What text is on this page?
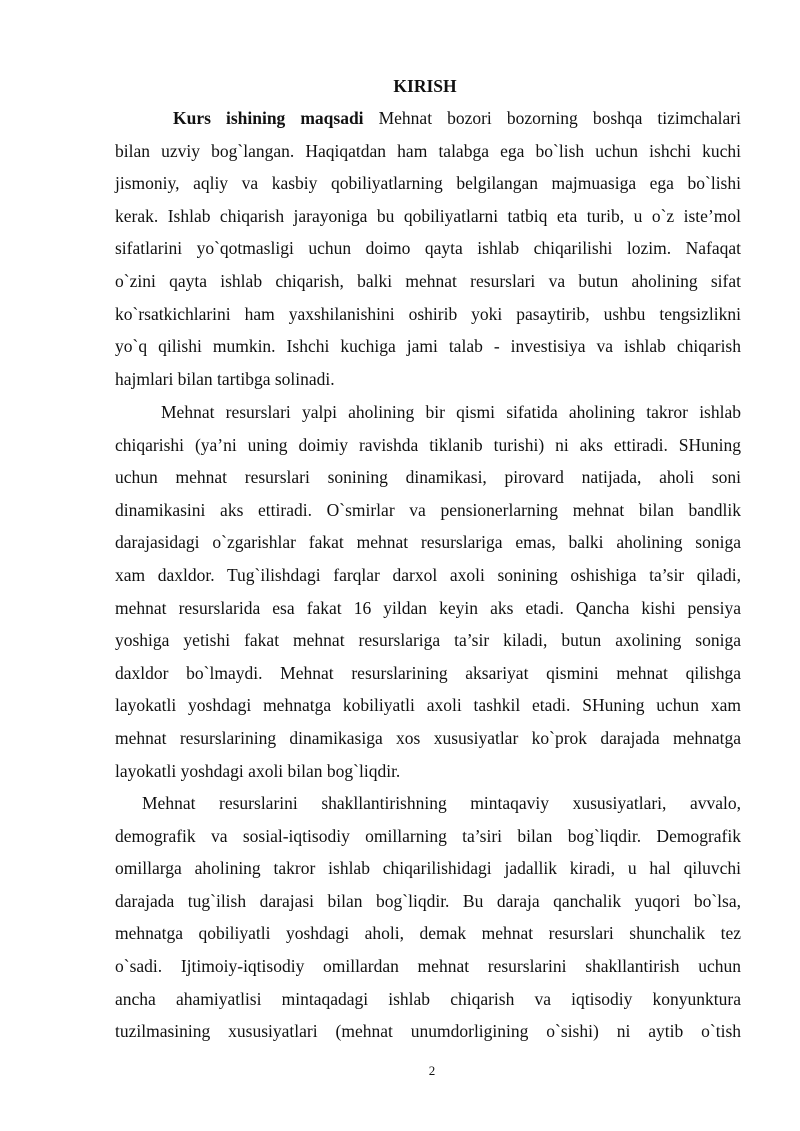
KIRISH
Kurs ishining maqsadi Mehnat bozori bozorning boshqa tizimchalari
bilan uzviy bog`langan. Haqiqatdan ham talabga ega bo`lish uchun ishchi kuchi
jismoniy, aqliy va kasbiy qobiliyatlarning belgilangan majmuasiga ega bo`lishi
kerak. Ishlab chiqarish jarayoniga bu qobiliyatlarni tatbiq eta turib, u o`z iste’mol
sifatlarini yo`qotmasligi uchun doimo qayta ishlab chiqarilishi lozim. Nafaqat
o`zini qayta ishlab chiqarish, balki mehnat resurslari va butun aholining sifat
ko`rsatkichlarini ham yaxshilanishini oshirib yoki pasaytirib, ushbu tengsizlikni
yo`q qilishi mumkin. Ishchi kuchiga jami talab - investisiya va ishlab chiqarish
hajmlari bilan tartibga solinadi.
Mehnat resurslari yalpi aholining bir qismi sifatida aholining takror ishlab
chiqarishi (ya’ni uning doimiy ravishda tiklanib turishi) ni aks ettiradi. SHuning
uchun mehnat resurslari sonining dinamikasi, pirovard natijada, aholi soni
dinamikasini aks ettiradi. O`smirlar va pensionerlarning mehnat bilan bandlik
darajasidagi o`zgarishlar fakat mehnat resurslariga emas, balki aholining soniga
xam daxldor. Tug`ilishdagi farqlar darxol axoli sonining oshishiga ta’sir qiladi,
mehnat resurslarida esa fakat 16 yildan keyin aks etadi. Qancha kishi pensiya
yoshiga yetishi fakat mehnat resurslariga ta’sir kiladi, butun axolining soniga
daxldor bo`lmaydi. Mehnat resurslarining aksariyat qismini mehnat qilishga
layokatli yoshdagi mehnatga kobiliyatli axoli tashkil etadi. SHuning uchun xam
mehnat resurslarining dinamikasiga xos xususiyatlar ko`prok darajada mehnatga
layokatli yoshdagi axoli bilan bog`liqdir.
Mehnat resurslarini shakllantirishning mintaqaviy xususiyatlari, avvalo,
demografik va sosial-iqtisodiy omillarning ta’siri bilan bog`liqdir. Demografik
omillarga aholining takror ishlab chiqarilishidagi jadallik kiradi, u hal qiluvchi
darajada tug`ilish darajasi bilan bog`liqdir. Bu daraja qanchalik yuqori bo`lsa,
mehnatga qobiliyatli yoshdagi aholi, demak mehnat resurslari shunchalik tez
o`sadi. Ijtimoiy-iqtisodiy omillardan mehnat resurslarini shakllantirish uchun
ancha ahamiyatlisi mintaqadagi ishlab chiqarish va iqtisodiy konyunktura
tuzilmasining xususiyatlari (mehnat unumdorligining o`sishi) ni aytib o`tish
2
